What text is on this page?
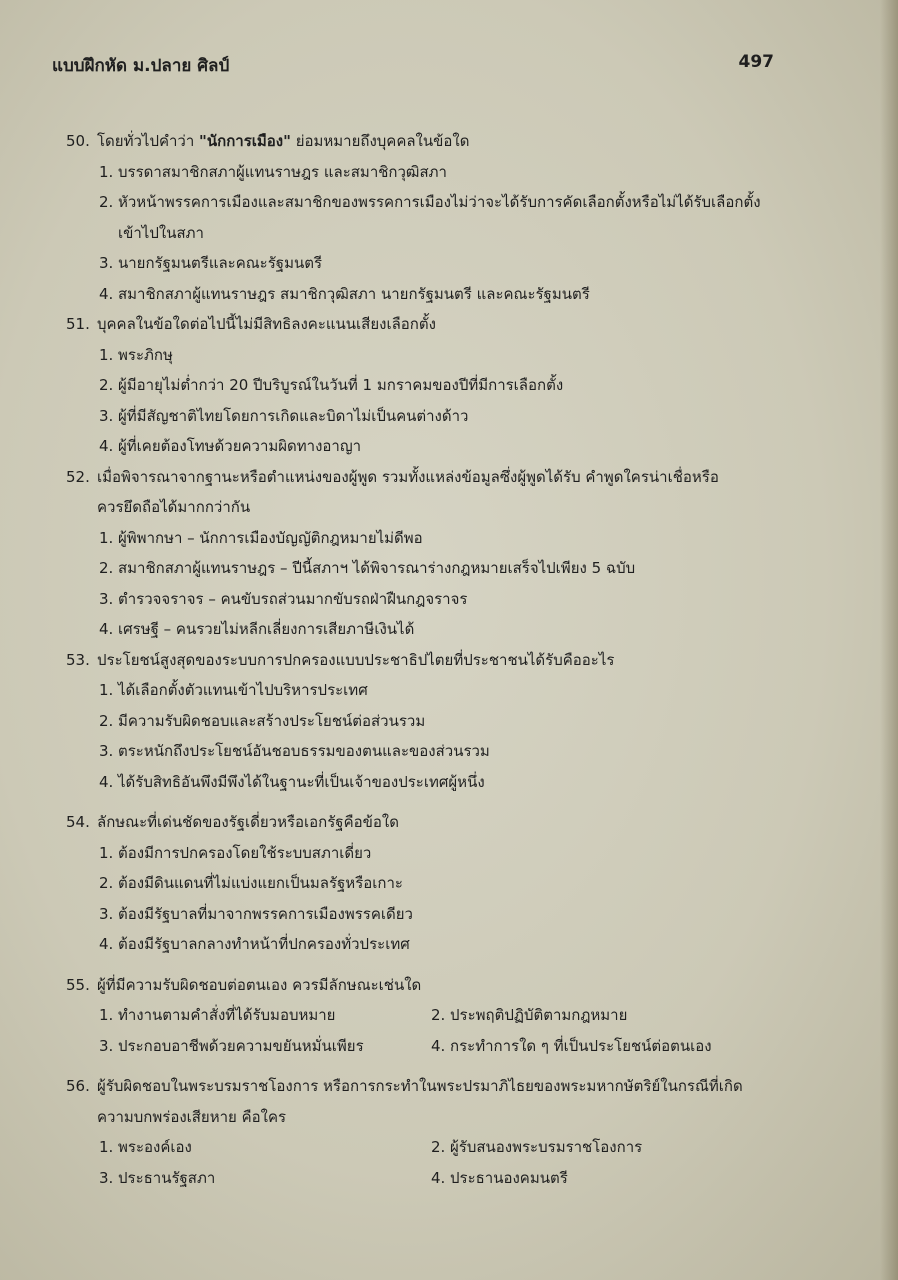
แบบฝึกหัด ม.ปลาย ศิลป์	497
50. โดยทั่วไปคำว่า "นักการเมือง" ย่อมหมายถึงบุคคลในข้อใด
1. บรรดาสมาชิกสภาผู้แทนราษฎร และสมาชิกวุฒิสภา
2. หัวหน้าพรรคการเมืองและสมาชิกของพรรคการเมืองไม่ว่าจะได้รับการคัดเลือกตั้งหรือไม่ได้รับเลือกตั้ง
เข้าไปในสภา
3. นายกรัฐมนตรีและคณะรัฐมนตรี
4. สมาชิกสภาผู้แทนราษฎร สมาชิกวุฒิสภา นายกรัฐมนตรี และคณะรัฐมนตรี
51. บุคคลในข้อใดต่อไปนี้ไม่มีสิทธิลงคะแนนเสียงเลือกตั้ง
1. พระภิกษุ
2. ผู้มีอายุไม่ต่ำกว่า 20 ปีบริบูรณ์ในวันที่ 1 มกราคมของปีที่มีการเลือกตั้ง
3. ผู้ที่มีสัญชาติไทยโดยการเกิดและบิดาไม่เป็นคนต่างด้าว
4. ผู้ที่เคยต้องโทษด้วยความผิดทางอาญา
52. เมื่อพิจารณาจากฐานะหรือตำแหน่งของผู้พูด รวมทั้งแหล่งข้อมูลซึ่งผู้พูดได้รับ คำพูดใครน่าเชื่อหรือ
ควรยึดถือได้มากกว่ากัน
1. ผู้พิพากษา – นักการเมืองบัญญัติกฎหมายไม่ดีพอ
2. สมาชิกสภาผู้แทนราษฎร – ปีนี้สภาฯ ได้พิจารณาร่างกฎหมายเสร็จไปเพียง 5 ฉบับ
3. ตำรวจจราจร – คนขับรถส่วนมากขับรถฝ่าฝืนกฎจราจร
4. เศรษฐี – คนรวยไม่หลีกเลี่ยงการเสียภาษีเงินได้
53. ประโยชน์สูงสุดของระบบการปกครองแบบประชาธิปไตยที่ประชาชนได้รับคืออะไร
1. ได้เลือกตั้งตัวแทนเข้าไปบริหารประเทศ
2. มีความรับผิดชอบและสร้างประโยชน์ต่อส่วนรวม
3. ตระหนักถึงประโยชน์อันชอบธรรมของตนและของส่วนรวม
4. ได้รับสิทธิอันพึงมีพึงได้ในฐานะที่เป็นเจ้าของประเทศผู้หนึ่ง
54. ลักษณะที่เด่นชัดของรัฐเดี่ยวหรือเอกรัฐคือข้อใด
1. ต้องมีการปกครองโดยใช้ระบบสภาเดี่ยว
2. ต้องมีดินแดนที่ไม่แบ่งแยกเป็นมลรัฐหรือเกาะ
3. ต้องมีรัฐบาลที่มาจากพรรคการเมืองพรรคเดียว
4. ต้องมีรัฐบาลกลางทำหน้าที่ปกครองทั่วประเทศ
55. ผู้ที่มีความรับผิดชอบต่อตนเอง ควรมีลักษณะเช่นใด
1. ทำงานตามคำสั่งที่ได้รับมอบหมาย	2. ประพฤติปฏิบัติตามกฎหมาย
3. ประกอบอาชีพด้วยความขยันหมั่นเพียร	4. กระทำการใด ๆ ที่เป็นประโยชน์ต่อตนเอง
56. ผู้รับผิดชอบในพระบรมราชโองการ หรือการกระทำในพระปรมาภิไธยของพระมหากษัตริย์ในกรณีที่เกิด
ความบกพร่องเสียหาย คือใคร
1. พระองค์เอง	2. ผู้รับสนองพระบรมราชโองการ
3. ประธานรัฐสภา	4. ประธานองคมนตรี
